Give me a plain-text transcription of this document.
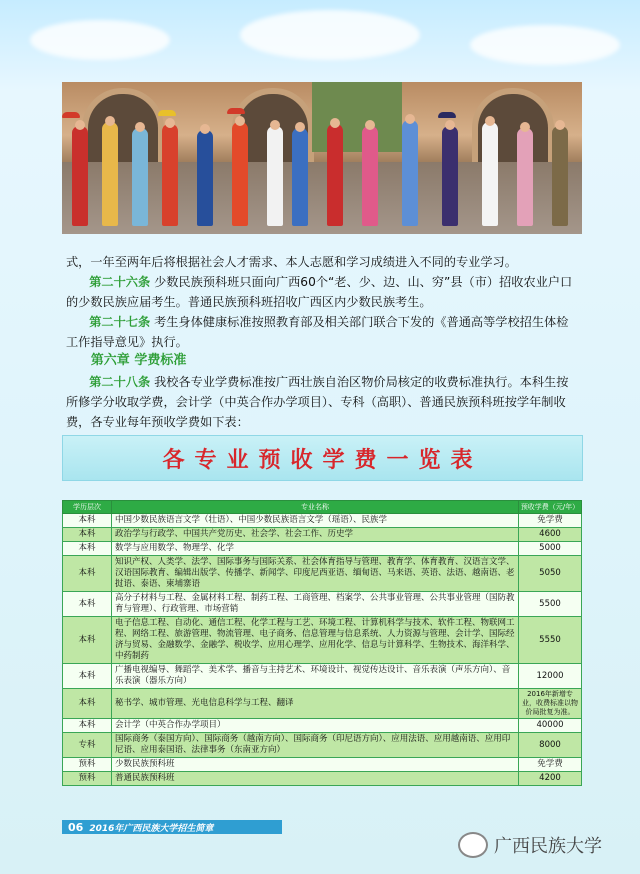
式，一年至两年后将根据社会人才需求、本人志愿和学习成绩进入不同的专业学习。
第二十六条 少数民族预科班只面向广西60个“老、少、边、山、穷”县（市）招收农业户口的少数民族应届考生。普通民族预科班招收广西区内少数民族考生。
第二十七条 考生身体健康标准按照教育部及相关部门联合下发的《普通高等学校招生体检工作指导意见》执行。
第六章 学费标准
第二十八条 我校各专业学费标准按广西壮族自治区物价局核定的收费标准执行。本科生按所修学分收取学费，会计学（中英合作办学项目）、专科（高职）、普通民族预科班按学年制收费，各专业每年预收学费如下表：
各专业预收学费一览表
学历层次	专业名称	预收学费（元/年）
本科	中国少数民族语言文学（壮语）、中国少数民族语言文学（瑶语）、民族学	免学费
本科	政治学与行政学、中国共产党历史、社会学、社会工作、历史学	4600
本科	数学与应用数学、物理学、化学	5000
本科	知识产权、人类学、法学、国际事务与国际关系、社会体育指导与管理、教育学、体育教育、汉语言文学、汉语国际教育、编辑出版学、传播学、新闻学、印度尼西亚语、缅甸语、马来语、英语、法语、越南语、老挝语、泰语、柬埔寨语	5050
本科	高分子材料与工程、金属材料工程、制药工程、工商管理、档案学、公共事业管理、公共事业管理（国防教育与管理）、行政管理、市场营销	5500
本科	电子信息工程、自动化、通信工程、化学工程与工艺、环境工程、计算机科学与技术、软件工程、物联网工程、网络工程、旅游管理、物流管理、电子商务、信息管理与信息系统、人力资源与管理、会计学、国际经济与贸易、金融数学、金融学、税收学、应用心理学、应用化学、信息与计算科学、生物技术、海洋科学、中药制药	5550
本科	广播电视编导、舞蹈学、美术学、播音与主持艺术、环境设计、视觉传达设计、音乐表演（声乐方向）、音乐表演（器乐方向）	12000
本科	秘书学、城市管理、光电信息科学与工程、翻译	2016年新增专业，收费标准以物价局批复为准。
本科	会计学（中英合作办学项目）	40000
专科	国际商务（泰国方向）、国际商务（越南方向）、国际商务（印尼语方向）、应用法语、应用越南语、应用印尼语、应用泰国语、法律事务（东南亚方向）	8000
预科	少数民族预科班	免学费
预科	普通民族预科班	4200
06 2016年广西民族大学招生简章
广西民族大学
